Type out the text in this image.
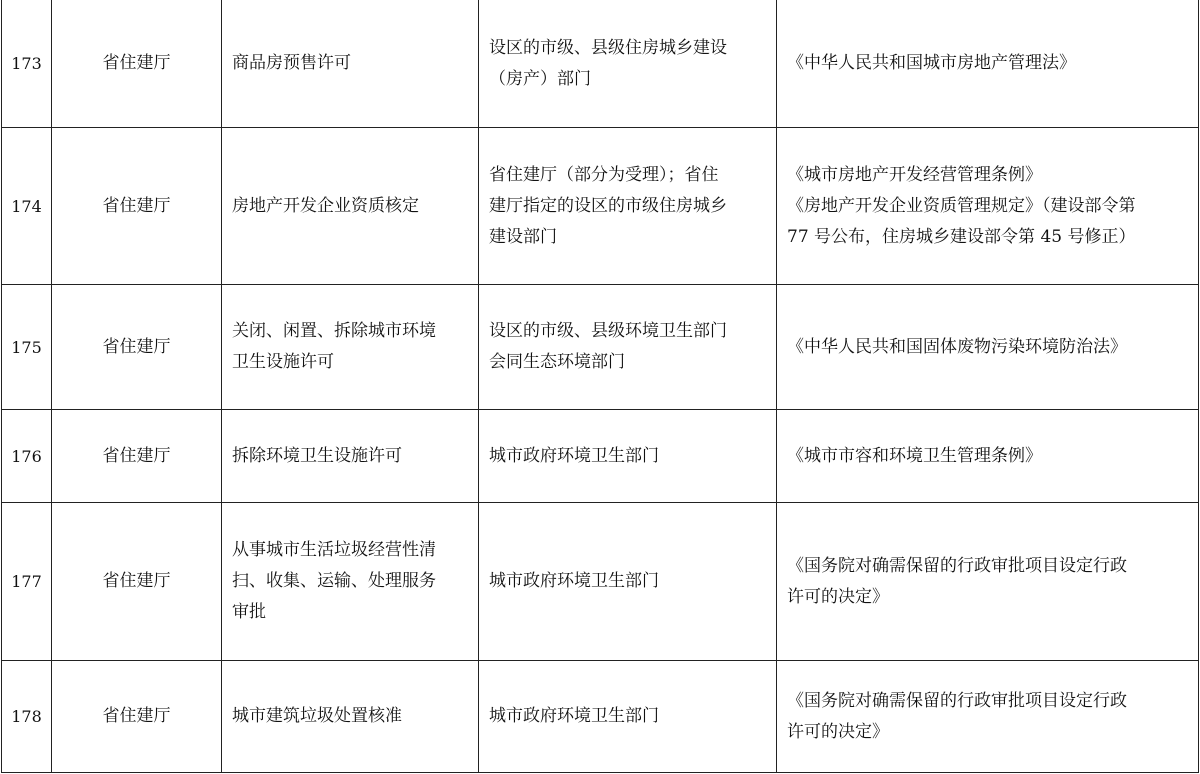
173	省住建厅	商品房预售许可	设区的市级、县级住房城乡建设
（房产）部门	《中华人民共和国城市房地产管理法》

174	省住建厅	房地产开发企业资质核定	省住建厅（部分为受理）；省住
建厅指定的设区的市级住房城乡
建设部门	《城市房地产开发经营管理条例》
《房地产开发企业资质管理规定》（建设部令第
77 号公布，住房城乡建设部令第 45 号修正）

175	省住建厅	关闭、闲置、拆除城市环境
卫生设施许可	设区的市级、县级环境卫生部门
会同生态环境部门	《中华人民共和国固体废物污染环境防治法》

176	省住建厅	拆除环境卫生设施许可	城市政府环境卫生部门	《城市市容和环境卫生管理条例》

177	省住建厅	从事城市生活垃圾经营性清
扫、收集、运输、处理服务
审批	城市政府环境卫生部门	《国务院对确需保留的行政审批项目设定行政
许可的决定》

178	省住建厅	城市建筑垃圾处置核准	城市政府环境卫生部门	《国务院对确需保留的行政审批项目设定行政
许可的决定》
